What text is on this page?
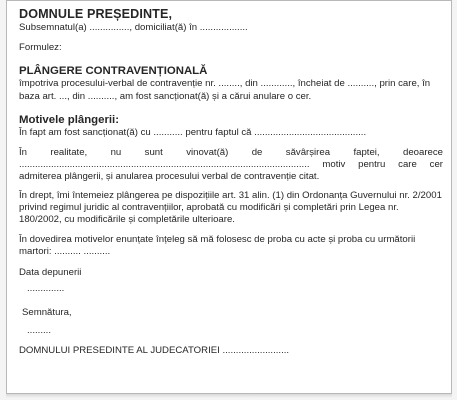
DOMNULE PREȘEDINTE,
Subsemnatul(a) ..............., domiciliat(ă) în ..................
Formulez:
PLÂNGERE CONTRAVENȚIONALĂ
împotriva procesului-verbal de contravenție nr. ........, din ............, încheiat de .........., prin care, în baza art. ..., din .........., am fost sancționat(ă) și a cărui anulare o cer.
Motivele plângerii:
În fapt am fost sancționat(ă) cu ........... pentru faptul că ..........................................
În realitate, nu sunt vinovat(ă) de săvârșirea faptei, deoarece ............................................................................................................. motiv pentru care cer admiterea plângerii, și anularea procesului verbal de contravenție citat.
În drept, îmi întemeiez plângerea pe dispozițiile art. 31 alin. (1) din Ordonanța Guvernului nr. 2/2001 privind regimul juridic al contravențiilor, aprobată cu modificări și completări prin Legea nr. 180/2002, cu modificările și completările ulterioare.
În dovedirea motivelor enunțate înțeleg să mă folosesc de proba cu acte și proba cu următorii martori: .......... ..........
Data depunerii
..............
Semnătura,
.........
DOMNULUI PRESEDINTE AL JUDECATORIEI .........................
